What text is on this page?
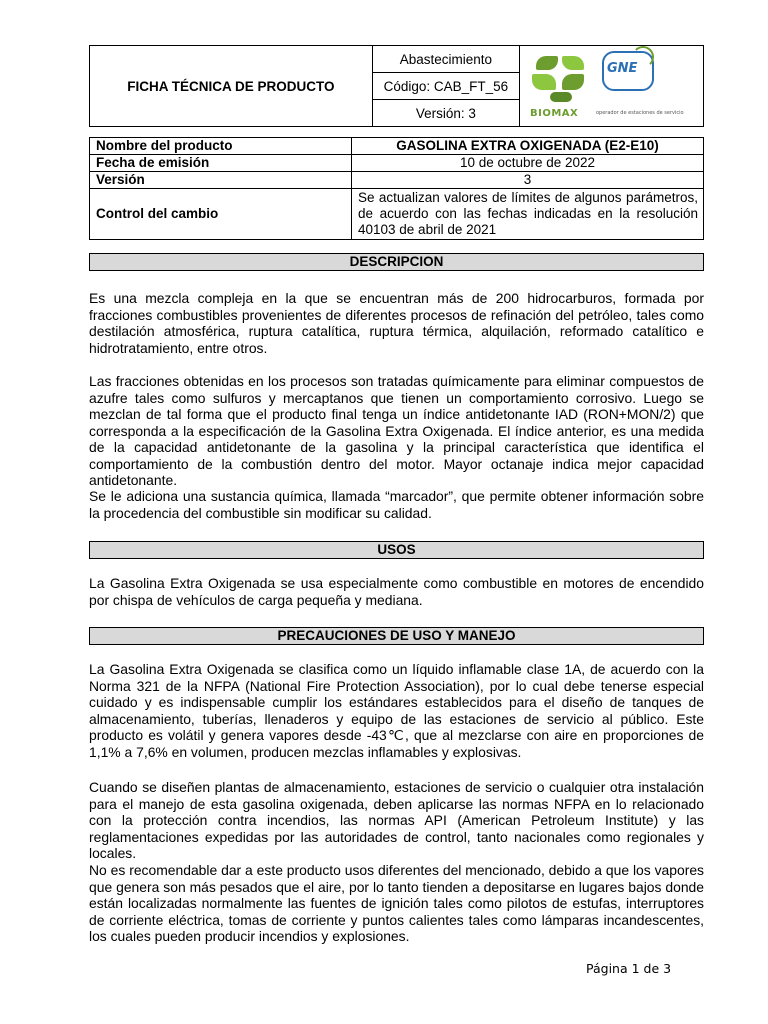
FICHA TÉCNICA DE PRODUCTO	Abastecimiento	
BIOMAX
GNE
operador de estaciones de servicio

Código: CAB_FT_56
Versión: 3
Nombre del producto	GASOLINA EXTRA OXIGENADA (E2-E10)
Fecha de emisión	10 de octubre de 2022
Versión	3
Control del cambio	Se actualizan valores de límites de algunos parámetros, de acuerdo con las fechas indicadas en la resolución 40103 de abril de 2021
DESCRIPCION

Es una mezcla compleja en la que se encuentran más de 200 hidrocarburos, formada por fracciones combustibles provenientes de diferentes procesos de refinación del petróleo, tales como destilación atmosférica, ruptura catalítica, ruptura térmica, alquilación, reformado catalítico e hidrotratamiento, entre otros.

Las fracciones obtenidas en los procesos son tratadas químicamente para eliminar compuestos de azufre tales como sulfuros y mercaptanos que tienen un comportamiento corrosivo. Luego se mezclan de tal forma que el producto final tenga un índice antidetonante IAD (RON+MON/2) que corresponda a la especificación de la Gasolina Extra Oxigenada. El índice anterior, es una medida de la capacidad antidetonante de la gasolina y la principal característica que identifica el comportamiento de la combustión dentro del motor. Mayor octanaje indica mejor capacidad antidetonante.

Se le adiciona una sustancia química, llamada “marcador”, que permite obtener información sobre la procedencia del combustible sin modificar su calidad.

USOS

La Gasolina Extra Oxigenada se usa especialmente como combustible en motores de encendido por chispa de vehículos de carga pequeña y mediana.

PRECAUCIONES DE USO Y MANEJO

La Gasolina Extra Oxigenada se clasifica como un líquido inflamable clase 1A, de acuerdo con la Norma 321 de la NFPA (National Fire Protection Association), por lo cual debe tenerse especial cuidado y es indispensable cumplir los estándares establecidos para el diseño de tanques de almacenamiento, tuberías, llenaderos y equipo de las estaciones de servicio al público. Este producto es volátil y genera vapores desde -43℃, que al mezclarse con aire en proporciones de 1,1% a 7,6% en volumen, producen mezclas inflamables y explosivas.

Cuando se diseñen plantas de almacenamiento, estaciones de servicio o cualquier otra instalación para el manejo de esta gasolina oxigenada, deben aplicarse las normas NFPA en lo relacionado con la protección contra incendios, las normas API (American Petroleum Institute) y las reglamentaciones expedidas por las autoridades de control, tanto nacionales como regionales y locales.

No es recomendable dar a este producto usos diferentes del mencionado, debido a que los vapores que genera son más pesados que el aire, por lo tanto tienden a depositarse en lugares bajos donde están localizadas normalmente las fuentes de ignición tales como pilotos de estufas, interruptores de corriente eléctrica, tomas de corriente y puntos calientes tales como lámparas incandescentes, los cuales pueden producir incendios y explosiones.

Página 1 de 3
